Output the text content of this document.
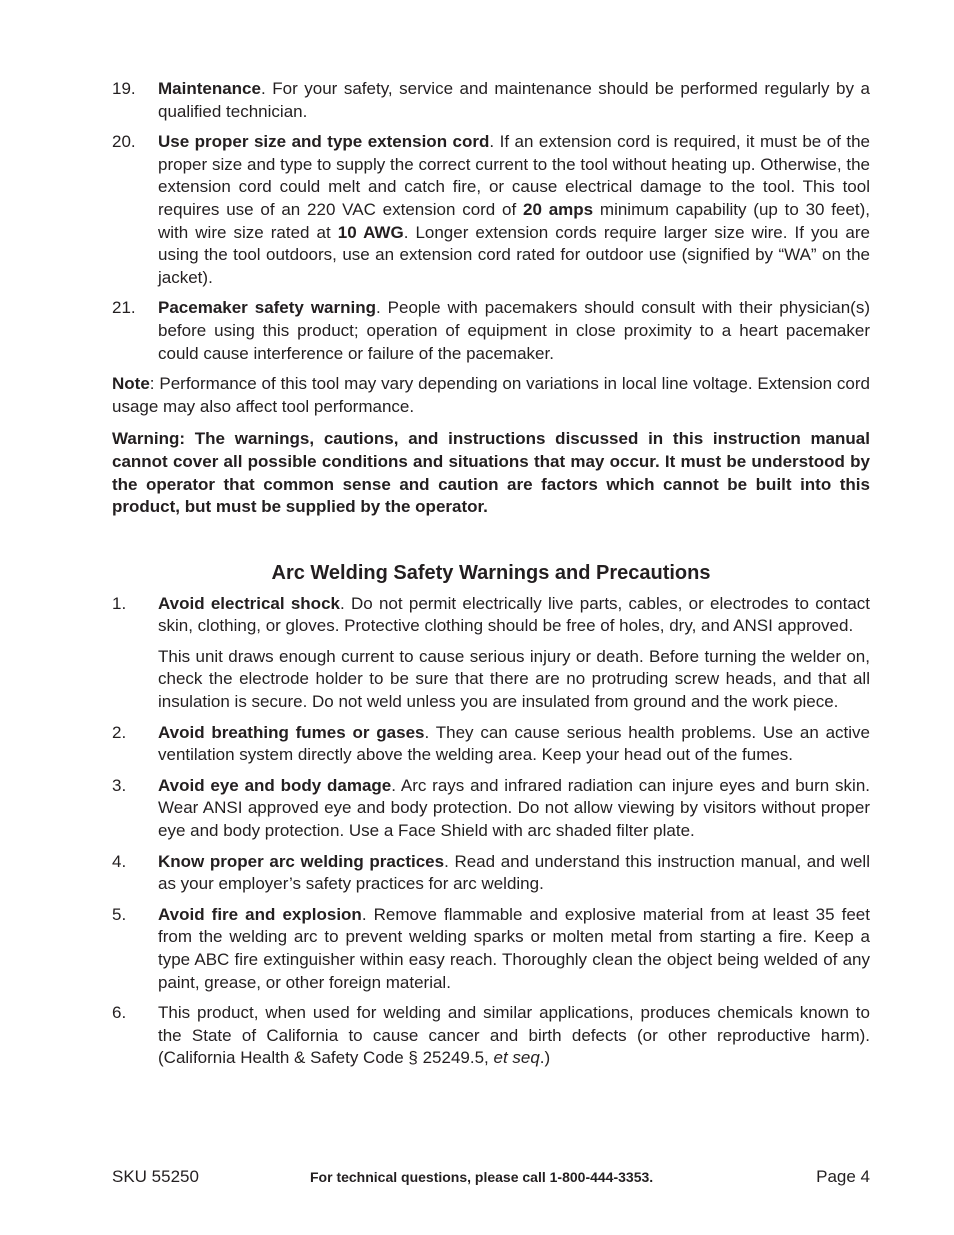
19. Maintenance. For your safety, service and maintenance should be performed regularly by a qualified technician.
20. Use proper size and type extension cord. If an extension cord is required, it must be of the proper size and type to supply the correct current to the tool without heating up. Otherwise, the extension cord could melt and catch fire, or cause electrical damage to the tool. This tool requires use of an 220 VAC extension cord of 20 amps minimum capability (up to 30 feet), with wire size rated at 10 AWG. Longer extension cords require larger size wire. If you are using the tool outdoors, use an extension cord rated for outdoor use (signified by “WA” on the jacket).
21. Pacemaker safety warning. People with pacemakers should consult with their physician(s) before using this product; operation of equipment in close proximity to a heart pacemaker could cause interference or failure of the pacemaker.

Note: Performance of this tool may vary depending on variations in local line voltage. Extension cord usage may also affect tool performance.

Warning: The warnings, cautions, and instructions discussed in this instruction manual cannot cover all possible conditions and situations that may occur. It must be understood by the operator that common sense and caution are factors which cannot be built into this product, but must be supplied by the operator.

Arc Welding Safety Warnings and Precautions
1. Avoid electrical shock. Do not permit electrically live parts, cables, or electrodes to contact skin, clothing, or gloves. Protective clothing should be free of holes, dry, and ANSI approved.
This unit draws enough current to cause serious injury or death. Before turning the welder on, check the electrode holder to be sure that there are no protruding screw heads, and that all insulation is secure. Do not weld unless you are insulated from ground and the work piece.
2. Avoid breathing fumes or gases. They can cause serious health problems. Use an active ventilation system directly above the welding area. Keep your head out of the fumes.
3. Avoid eye and body damage. Arc rays and infrared radiation can injure eyes and burn skin. Wear ANSI approved eye and body protection. Do not allow viewing by visitors without proper eye and body protection. Use a Face Shield with arc shaded filter plate.
4. Know proper arc welding practices. Read and understand this instruction manual, and well as your employer’s safety practices for arc welding.
5. Avoid fire and explosion. Remove flammable and explosive material from at least 35 feet from the welding arc to prevent welding sparks or molten metal from starting a fire. Keep a type ABC fire extinguisher within easy reach. Thoroughly clean the object being welded of any paint, grease, or other foreign material.
6. This product, when used for welding and similar applications, produces chemicals known to the State of California to cause cancer and birth defects (or other reproductive harm). (California Health & Safety Code § 25249.5, et seq.)
SKU 55250	For technical questions, please call 1-800-444-3353.	Page 4
